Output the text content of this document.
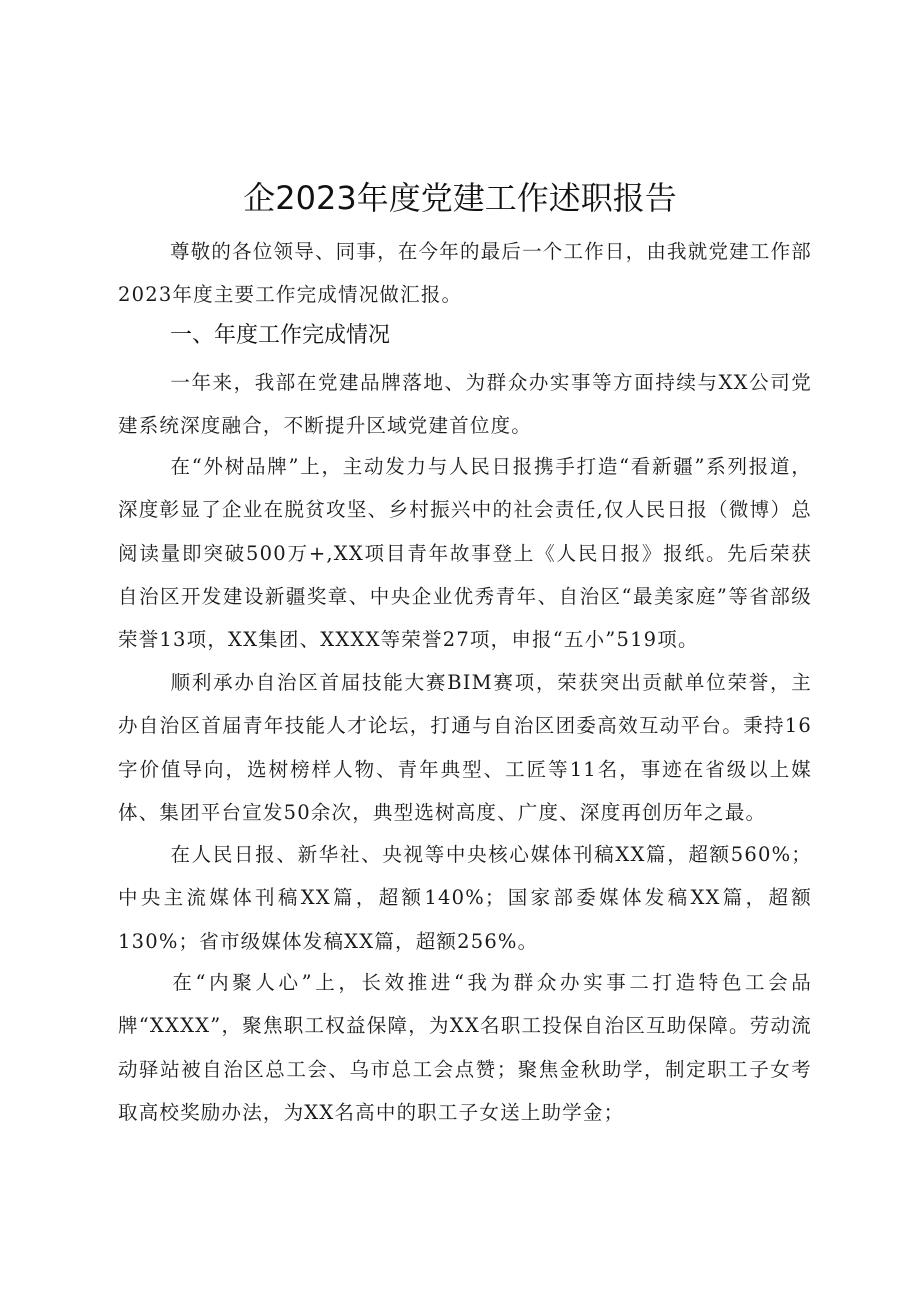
企2023年度党建工作述职报告

尊敬的各位领导、同事，在今年的最后一个工作日，由我就党建工作部2023年度主要工作完成情况做汇报。

一、年度工作完成情况

一年来，我部在党建品牌落地、为群众办实事等方面持续与XX公司党建系统深度融合，不断提升区域党建首位度。

在“外树品牌”上，主动发力与人民日报携手打造“看新疆”系列报道，深度彰显了企业在脱贫攻坚、乡村振兴中的社会责任,仅人民日报（微博）总阅读量即突破500万+,XX项目青年故事登上《人民日报》报纸。先后荣获自治区开发建设新疆奖章、中央企业优秀青年、自治区“最美家庭”等省部级荣誉13项，XX集团、XXXX等荣誉27项，申报“五小”519项。

顺利承办自治区首届技能大赛BIM赛项，荣获突出贡献单位荣誉，主办自治区首届青年技能人才论坛，打通与自治区团委高效互动平台。秉持16字价值导向，选树榜样人物、青年典型、工匠等11名，事迹在省级以上媒体、集团平台宣发50余次，典型选树高度、广度、深度再创历年之最。

在人民日报、新华社、央视等中央核心媒体刊稿XX篇，超额560%；中央主流媒体刊稿XX篇，超额140%；国家部委媒体发稿XX篇，超额130%；省市级媒体发稿XX篇，超额256%。

在“内聚人心”上，长效推进“我为群众办实事二打造特色工会品牌“XXXX”，聚焦职工权益保障，为XX名职工投保自治区互助保障。劳动流动驿站被自治区总工会、乌市总工会点赞；聚焦金秋助学，制定职工子女考取高校奖励办法，为XX名高中的职工子女送上助学金；
